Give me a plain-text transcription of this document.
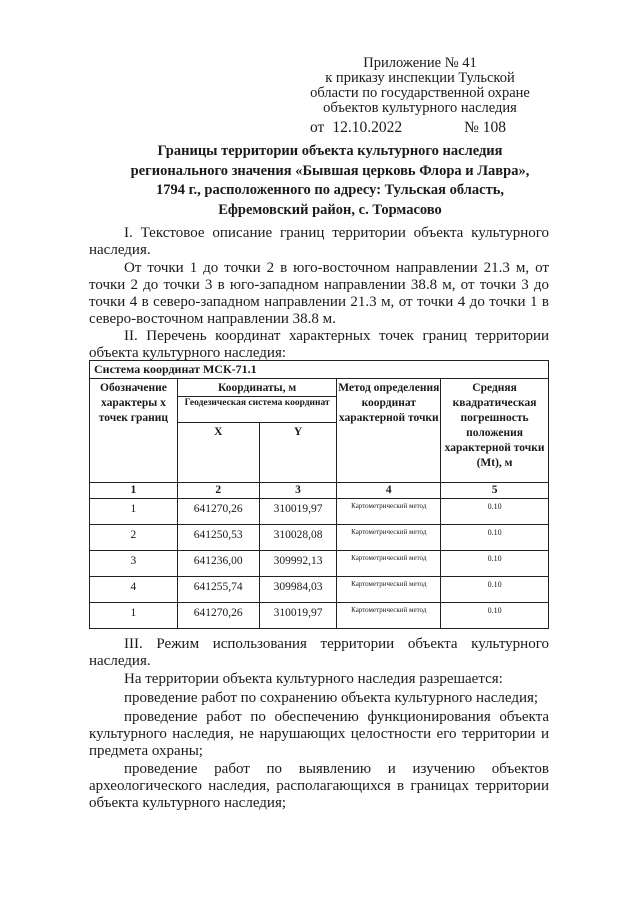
Приложение № 41
к приказу инспекции Тульской
области по государственной охране
объектов культурного наследия
от 12.10.2022	№ 108
Границы территории объекта культурного наследия
регионального значения «Бывшая церковь Флора и Лавра»,
1794 г., расположенного по адресу: Тульская область,
Ефремовский район, с. Тормасово

I. Текстовое описание границ территории объекта культурного наследия.

От точки 1 до точки 2 в юго-восточном направлении 21.3 м, от точки 2 до точки 3 в юго-западном направлении 38.8 м, от точки 3 до точки 4 в северо-западном направлении 21.3 м, от точки 4 до точки 1 в северо-восточном направлении 38.8 м.

II. Перечень координат характерных точек границ территории объекта культурного наследия:

Система координат МСК-71.1				
Обозначение характеры х точек границ	Координаты, м		Метод определения координат характерной точки	Средняя квадратическая погрешность положения характерной точки (Mt), м
	Геодезическая система координат			
	X	Y		
1	2	3	4	5
1	641270,26	310019,97	Картометрический метод	0.10
2	641250,53	310028,08	Картометрический метод	0.10
3	641236,00	309992,13	Картометрический метод	0.10
4	641255,74	309984,03	Картометрический метод	0.10
1	641270,26	310019,97	Картометрический метод	0.10

III. Режим использования территории объекта культурного наследия.

На территории объекта культурного наследия разрешается:

проведение работ по сохранению объекта культурного наследия;

проведение работ по обеспечению функционирования объекта культурного наследия, не нарушающих целостности его территории и предмета охраны;

проведение работ по выявлению и изучению объектов археологического наследия, располагающихся в границах территории объекта культурного наследия;
